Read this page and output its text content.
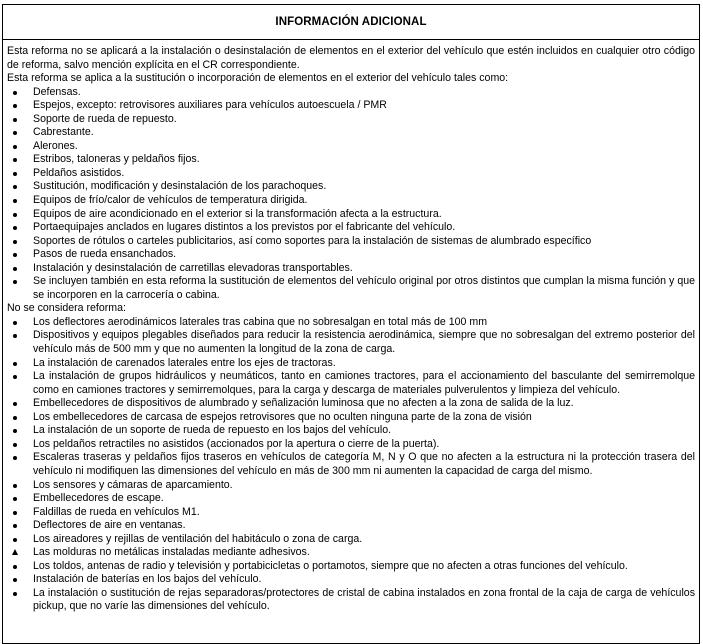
INFORMACIÓN ADICIONAL

Esta reforma no se aplicará a la instalación o desinstalación de elementos en el exterior del vehículo que estén incluidos en cualquier otro código de reforma, salvo mención explícita en el CR correspondiente.

Esta reforma se aplica a la sustitución o incorporación de elementos en el exterior del vehículo tales como:

Defensas.
Espejos, excepto: retrovisores auxiliares para vehículos autoescuela / PMR
Soporte de rueda de repuesto.
Cabrestante.
Alerones.
Estribos, taloneras y peldaños fijos.
Peldaños asistidos.
Sustitución, modificación y desinstalación de los parachoques.
Equipos de frío/calor de vehículos de temperatura dirigida.
Equipos de aire acondicionado en el exterior si la transformación afecta a la estructura.
Portaequipajes anclados en lugares distintos a los previstos por el fabricante del vehículo.
Soportes de rótulos o carteles publicitarios, así como soportes para la instalación de sistemas de alumbrado específico
Pasos de rueda ensanchados.
Instalación y desinstalación de carretillas elevadoras transportables.
Se incluyen también en esta reforma la sustitución de elementos del vehículo original por otros distintos que cumplan la misma función y que se incorporen en la carrocería o cabina.

No se considera reforma:

Los deflectores aerodinámicos laterales tras cabina que no sobresalgan en total más de 100 mm
Dispositivos y equipos plegables diseñados para reducir la resistencia aerodinámica, siempre que no sobresalgan del extremo posterior del vehículo más de 500 mm y que no aumenten la longitud de la zona de carga.
La instalación de carenados laterales entre los ejes de tractoras.
La instalación de grupos hidráulicos y neumáticos, tanto en camiones tractores, para el accionamiento del basculante del semirremolque como en camiones tractores y semirremolques, para la carga y descarga de materiales pulverulentos y limpieza del vehículo.
Embellecedores de dispositivos de alumbrado y señalización luminosa que no afecten a la zona de salida de la luz.
Los embellecedores de carcasa de espejos retrovisores que no oculten ninguna parte de la zona de visión
La instalación de un soporte de rueda de repuesto en los bajos del vehículo.
Los peldaños retractiles no asistidos (accionados por la apertura o cierre de la puerta).
Escaleras traseras y peldaños fijos traseros en vehículos de categoría M, N y O que no afecten a la estructura ni la protección trasera del vehículo ni modifiquen las dimensiones del vehículo en más de 300 mm ni aumenten la capacidad de carga del mismo.
Los sensores y cámaras de aparcamiento.
Embellecedores de escape.
Faldillas de rueda en vehículos M1.
Deflectores de aire en ventanas.
Los aireadores y rejillas de ventilación del habitáculo o zona de carga.
Las molduras no metálicas instaladas mediante adhesivos.
Los toldos, antenas de radio y televisión y portabicicletas o portamotos, siempre que no afecten a otras funciones del vehículo.
Instalación de baterías en los bajos del vehículo.
La instalación o sustitución de rejas separadoras/protectores de cristal de cabina instalados en zona frontal de la caja de carga de vehículos pickup, que no varíe las dimensiones del vehículo.
